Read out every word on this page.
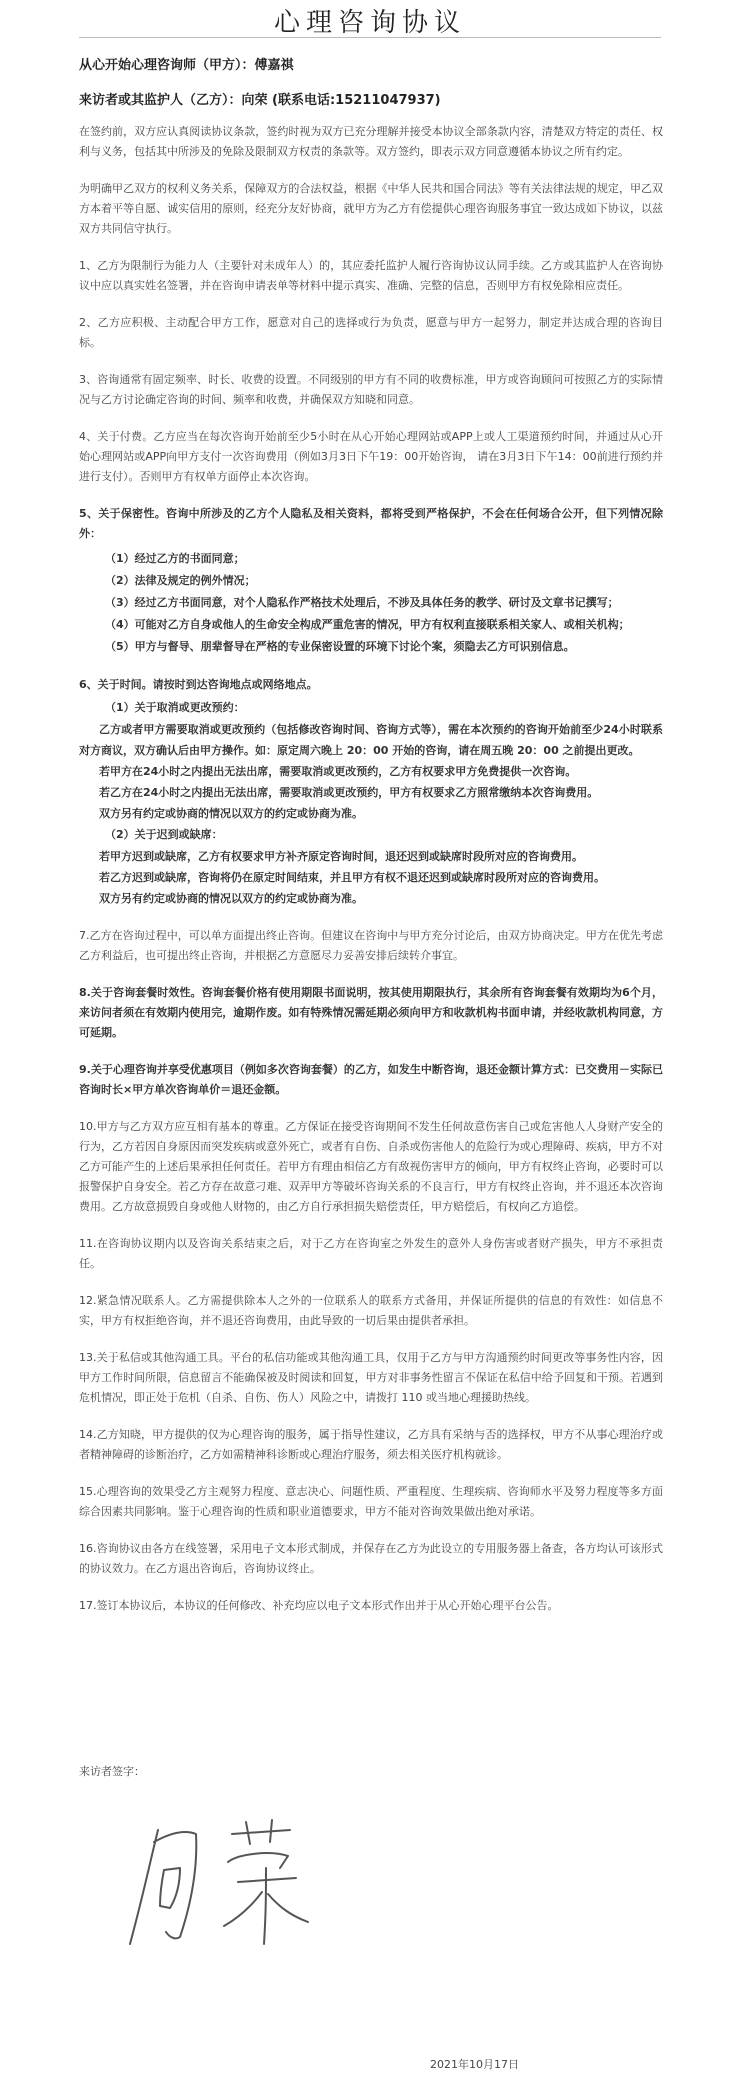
心理咨询协议
从心开始心理咨询师（甲方）：傅嘉祺
来访者或其监护人（乙方）：向荣 (联系电话:15211047937)

在签约前，双方应认真阅读协议条款，签约时视为双方已充分理解并接受本协议全部条款内容，清楚双方特定的责任、权利与义务，包括其中所涉及的免除及限制双方权责的条款等。双方签约，即表示双方同意遵循本协议之所有约定。

为明确甲乙双方的权利义务关系，保障双方的合法权益，根据《中华人民共和国合同法》等有关法律法规的规定，甲乙双方本着平等自愿、诚实信用的原则，经充分友好协商，就甲方为乙方有偿提供心理咨询服务事宜一致达成如下协议，以兹双方共同信守执行。

1、乙方为限制行为能力人（主要针对未成年人）的，其应委托监护人履行咨询协议认同手续。乙方或其监护人在咨询协议中应以真实姓名签署，并在咨询申请表单等材料中提示真实、准确、完整的信息，否则甲方有权免除相应责任。

2、乙方应积极、主动配合甲方工作，愿意对自己的选择或行为负责，愿意与甲方一起努力，制定并达成合理的咨询目标。

3、咨询通常有固定频率、时长、收费的设置。不同级别的甲方有不同的收费标准，甲方或咨询顾问可按照乙方的实际情况与乙方讨论确定咨询的时间、频率和收费，并确保双方知晓和同意。

4、关于付费。乙方应当在每次咨询开始前至少5小时在从心开始心理网站或APP上或人工渠道预约时间，并通过从心开始心理网站或APP向甲方支付一次咨询费用（例如3月3日下午19：00开始咨询， 请在3月3日下午14：00前进行预约并进行支付）。否则甲方有权单方面停止本次咨询。

5、关于保密性。咨询中所涉及的乙方个人隐私及相关资料，都将受到严格保护，不会在任何场合公开，但下列情况除外：

（1）经过乙方的书面同意；

（2）法律及规定的例外情况；

（3）经过乙方书面同意，对个人隐私作严格技术处理后，不涉及具体任务的教学、研讨及文章书记撰写；

（4）可能对乙方自身或他人的生命安全构成严重危害的情况，甲方有权利直接联系相关家人、或相关机构；

（5）甲方与督导、朋辈督导在严格的专业保密设置的环境下讨论个案，须隐去乙方可识别信息。

6、关于时间。请按时到达咨询地点或网络地点。

（1）关于取消或更改预约：

乙方或者甲方需要取消或更改预约（包括修改咨询时间、咨询方式等），需在本次预约的咨询开始前至少24小时联系对方商议，双方确认后由甲方操作。如：原定周六晚上 20：00 开始的咨询，请在周五晚 20：00 之前提出更改。

若甲方在24小时之内提出无法出席，需要取消或更改预约，乙方有权要求甲方免费提供一次咨询。

若乙方在24小时之内提出无法出席，需要取消或更改预约，甲方有权要求乙方照常缴纳本次咨询费用。

双方另有约定或协商的情况以双方的约定或协商为准。

（2）关于迟到或缺席：

若甲方迟到或缺席，乙方有权要求甲方补齐原定咨询时间，退还迟到或缺席时段所对应的咨询费用。

若乙方迟到或缺席，咨询将仍在原定时间结束，并且甲方有权不退还迟到或缺席时段所对应的咨询费用。

双方另有约定或协商的情况以双方的约定或协商为准。

7.乙方在咨询过程中，可以单方面提出终止咨询。但建议在咨询中与甲方充分讨论后，由双方协商决定。甲方在优先考虑乙方利益后，也可提出终止咨询，并根据乙方意愿尽力妥善安排后续转介事宜。

8.关于咨询套餐时效性。咨询套餐价格有使用期限书面说明，按其使用期限执行，其余所有咨询套餐有效期均为6个月，来访问者须在有效期内使用完，逾期作废。如有特殊情况需延期必须向甲方和收款机构书面申请，并经收款机构同意，方可延期。

9.关于心理咨询并享受优惠项目（例如多次咨询套餐）的乙方，如发生中断咨询，退还金额计算方式：已交费用－实际已咨询时长×甲方单次咨询单价＝退还金额。

10.甲方与乙方双方应互相有基本的尊重。乙方保证在接受咨询期间不发生任何故意伤害自己或危害他人人身财产安全的行为，乙方若因自身原因而突发疾病或意外死亡，或者有自伤、自杀或伤害他人的危险行为或心理障碍、疾病，甲方不对乙方可能产生的上述后果承担任何责任。若甲方有理由相信乙方有敌视伤害甲方的倾向，甲方有权终止咨询，必要时可以报警保护自身安全。若乙方存在故意刁难、双弄甲方等破坏咨询关系的不良言行，甲方有权终止咨询，并不退还本次咨询费用。乙方故意损毁自身或他人财物的，由乙方自行承担损失赔偿责任，甲方赔偿后，有权向乙方追偿。

11.在咨询协议期内以及咨询关系结束之后，对于乙方在咨询室之外发生的意外人身伤害或者财产损失，甲方不承担责任。

12.紧急情况联系人。乙方需提供除本人之外的一位联系人的联系方式备用，并保证所提供的信息的有效性：如信息不实，甲方有权拒绝咨询，并不退还咨询费用，由此导致的一切后果由提供者承担。

13.关于私信或其他沟通工具。平台的私信功能或其他沟通工具，仅用于乙方与甲方沟通预约时间更改等事务性内容，因甲方工作时间所限，信息留言不能确保被及时阅读和回复，甲方对非事务性留言不保证在私信中给予回复和干预。若遇到危机情况，即正处于危机（自杀、自伤、伤人）风险之中，请拨打 110 或当地心理援助热线。

14.乙方知晓，甲方提供的仅为心理咨询的服务，属于指导性建议，乙方具有采纳与否的选择权，甲方不从事心理治疗或者精神障碍的诊断治疗，乙方如需精神科诊断或心理治疗服务，须去相关医疗机构就诊。

15.心理咨询的效果受乙方主观努力程度、意志决心、问题性质、严重程度、生理疾病、咨询师水平及努力程度等多方面综合因素共同影响。鉴于心理咨询的性质和职业道德要求，甲方不能对咨询效果做出绝对承诺。

16.咨询协议由各方在线签署，采用电子文本形式制成，并保存在乙方为此设立的专用服务器上备查，各方均认可该形式的协议效力。在乙方退出咨询后，咨询协议终止。

17.签订本协议后，本协议的任何修改、补充均应以电子文本形式作出并于从心开始心理平台公告。

来访者签字：
2021年10月17日
